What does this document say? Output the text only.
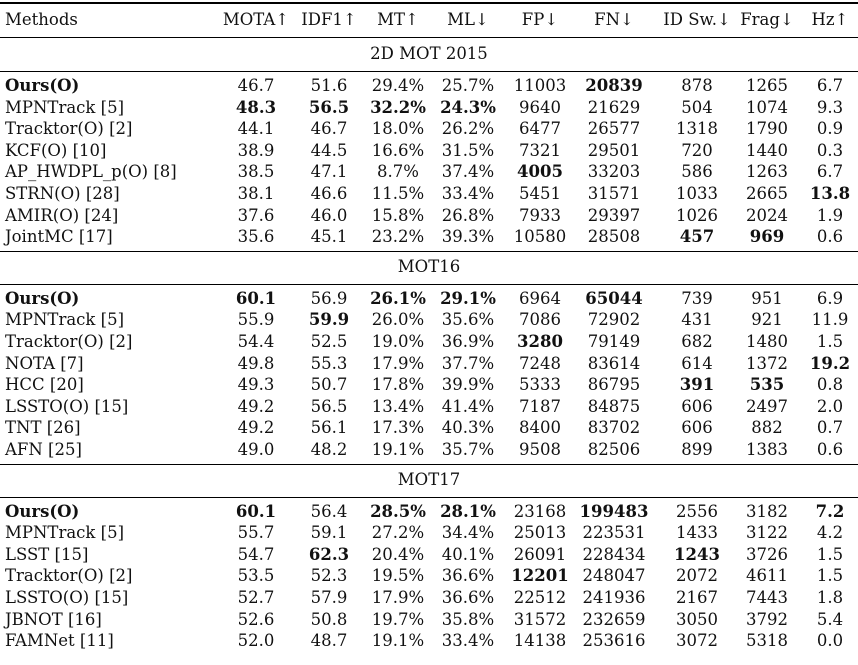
Methods	MOTA↑ IDF1↑ MT↑ ML↓ FP↓ FN↓ ID Sw.↓ Frag↓ Hz↑
2D MOT 2015
Ours(O)	46.7 51.6 29.4% 25.7% 11003 20839 878 1265 6.7
MPNTrack [5]	48.3 56.5 32.2% 24.3% 9640 21629 504 1074 9.3
Tracktor(O) [2]	44.1 46.7 18.0% 26.2% 6477 26577 1318 1790 0.9
KCF(O) [10]	38.9 44.5 16.6% 31.5% 7321 29501 720 1440 0.3
AP_HWDPL_p(O) [8]	38.5 47.1 8.7% 37.4% 4005 33203 586 1263 6.7
STRN(O) [28]	38.1 46.6 11.5% 33.4% 5451 31571 1033 2665 13.8
AMIR(O) [24]	37.6 46.0 15.8% 26.8% 7933 29397 1026 2024 1.9
JointMC [17]	35.6 45.1 23.2% 39.3% 10580 28508 457 969 0.6
MOT16
Ours(O)	60.1 56.9 26.1% 29.1% 6964 65044 739 951 6.9
MPNTrack [5]	55.9 59.9 26.0% 35.6% 7086 72902 431 921 11.9
Tracktor(O) [2]	54.4 52.5 19.0% 36.9% 3280 79149 682 1480 1.5
NOTA [7]	49.8 55.3 17.9% 37.7% 7248 83614 614 1372 19.2
HCC [20]	49.3 50.7 17.8% 39.9% 5333 86795 391 535 0.8
LSSTO(O) [15]	49.2 56.5 13.4% 41.4% 7187 84875 606 2497 2.0
TNT [26]	49.2 56.1 17.3% 40.3% 8400 83702 606 882 0.7
AFN [25]	49.0 48.2 19.1% 35.7% 9508 82506 899 1383 0.6
MOT17
Ours(O)	60.1 56.4 28.5% 28.1% 23168 199483 2556 3182 7.2
MPNTrack [5]	55.7 59.1 27.2% 34.4% 25013 223531 1433 3122 4.2
LSST [15]	54.7 62.3 20.4% 40.1% 26091 228434 1243 3726 1.5
Tracktor(O) [2]	53.5 52.3 19.5% 36.6% 12201 248047 2072 4611 1.5
LSSTO(O) [15]	52.7 57.9 17.9% 36.6% 22512 241936 2167 7443 1.8
JBNOT [16]	52.6 50.8 19.7% 35.8% 31572 232659 3050 3792 5.4
FAMNet [11]	52.0 48.7 19.1% 33.4% 14138 253616 3072 5318 0.0
